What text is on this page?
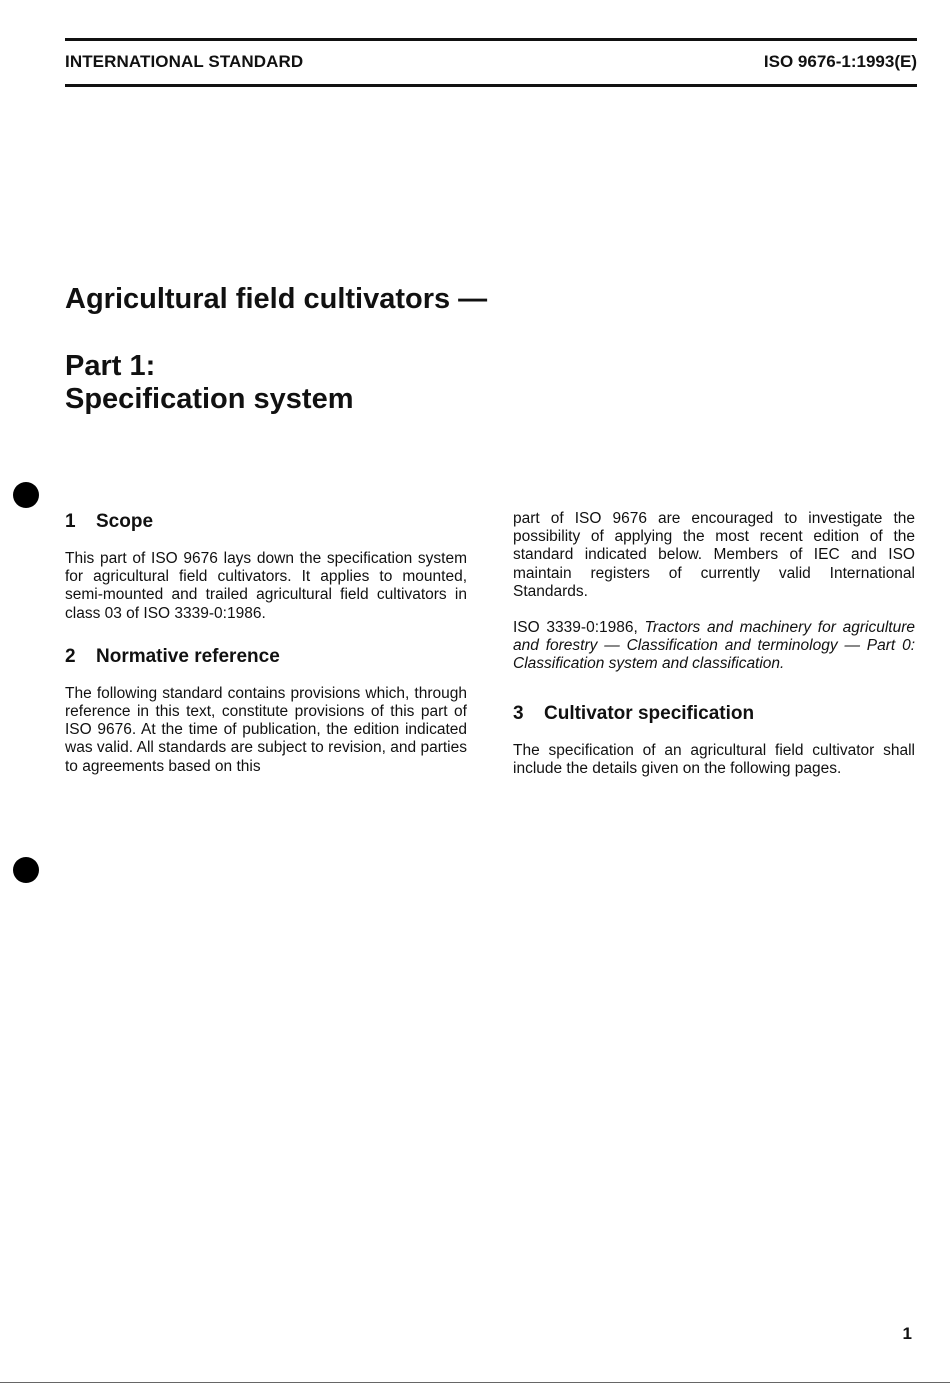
INTERNATIONAL STANDARD	ISO 9676-1:1993(E)
Agricultural field cultivators —
Part 1:
Specification system
1 Scope

This part of ISO 9676 lays down the specification system for agricultural field cultivators. It applies to mounted, semi-mounted and trailed agricultural field cultivators in class 03 of ISO 3339-0:1986.

2 Normative reference

The following standard contains provisions which, through reference in this text, constitute provisions of this part of ISO 9676. At the time of publication, the edition indicated was valid. All standards are subject to revision, and parties to agreements based on this

part of ISO 9676 are encouraged to investigate the possibility of applying the most recent edition of the standard indicated below. Members of IEC and ISO maintain registers of currently valid International Standards.

ISO 3339-0:1986, Tractors and machinery for agriculture and forestry — Classification and terminology — Part 0: Classification system and classification.

3 Cultivator specification

The specification of an agricultural field cultivator shall include the details given on the following pages.

1
